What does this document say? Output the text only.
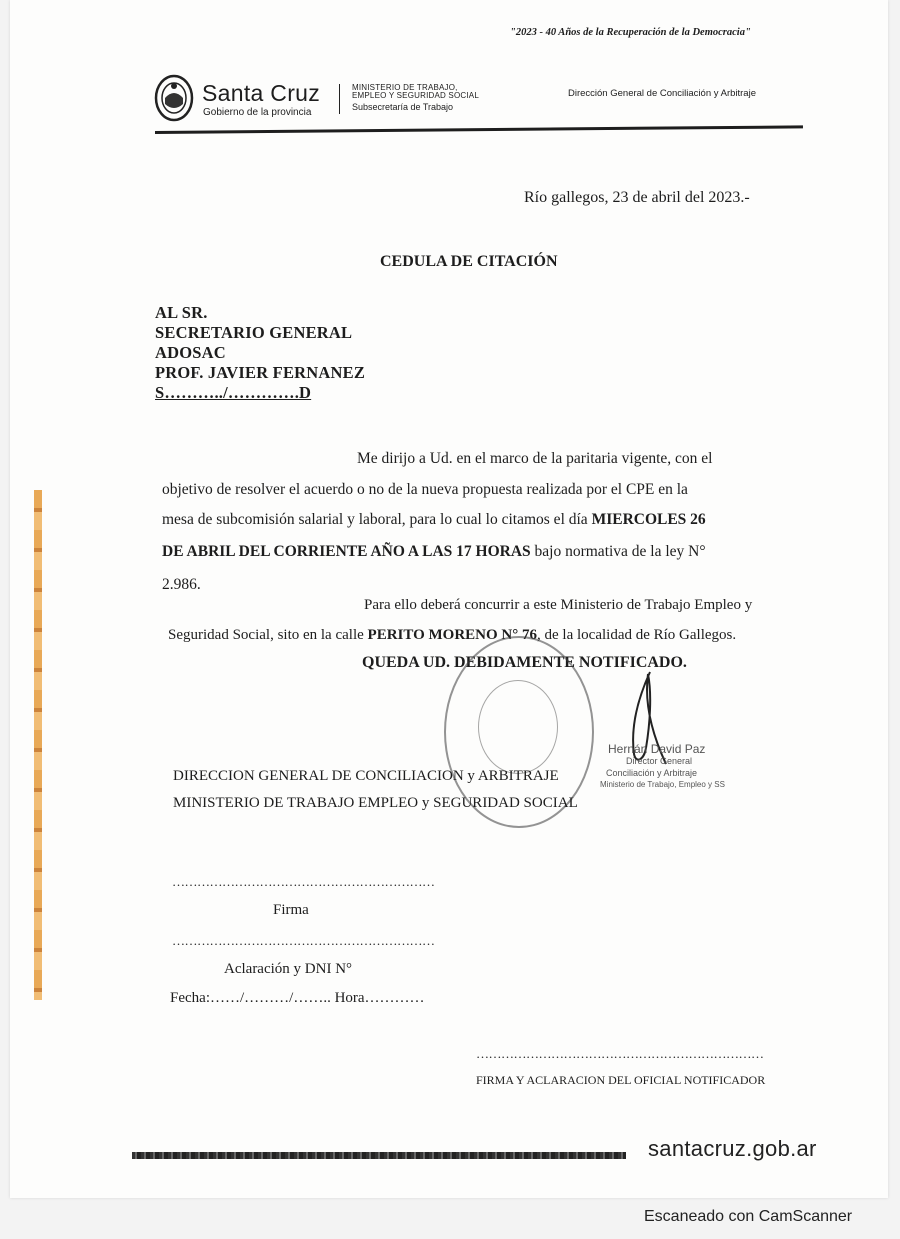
"2023 - 40 Años de la Recuperación de la Democracia"
Santa Cruz
Gobierno de la provincia
MINISTERIO DE TRABAJO,
EMPLEO Y SEGURIDAD SOCIAL
Subsecretaría de Trabajo
Dirección General de Conciliación y Arbitraje
Río gallegos, 23 de abril del 2023.-
CEDULA DE CITACIÓN
AL SR.
SECRETARIO GENERAL
ADOSAC
PROF. JAVIER FERNANEZ
S………../………….D
Me dirijo a Ud. en el marco de la paritaria vigente, con el
objetivo de resolver el acuerdo o no de la nueva propuesta realizada por el CPE en la
mesa de subcomisión salarial y laboral, para lo cual lo citamos el día MIERCOLES 26
DE ABRIL DEL CORRIENTE AÑO A LAS 17 HORAS bajo normativa de la ley N°
2.986.
Para ello deberá concurrir a este Ministerio de Trabajo Empleo y
Seguridad Social, sito en la calle PERITO MORENO N° 76, de la localidad de Río Gallegos.
QUEDA UD. DEBIDAMENTE NOTIFICADO.
Hernán David Paz
Director General
Conciliación y Arbitraje
Ministerio de Trabajo, Empleo y SS
DIRECCION GENERAL DE CONCILIACION y ARBITRAJE
MINISTERIO DE TRABAJO EMPLEO y SEGURIDAD SOCIAL
………………………………………………………
Firma
………………………………………………………
Aclaración y DNI N°
Fecha:……/………/…….. Hora…………
……………………………………………………………
FIRMA Y ACLARACION DEL OFICIAL NOTIFICADOR
santacruz.gob.ar
Escaneado con CamScanner
